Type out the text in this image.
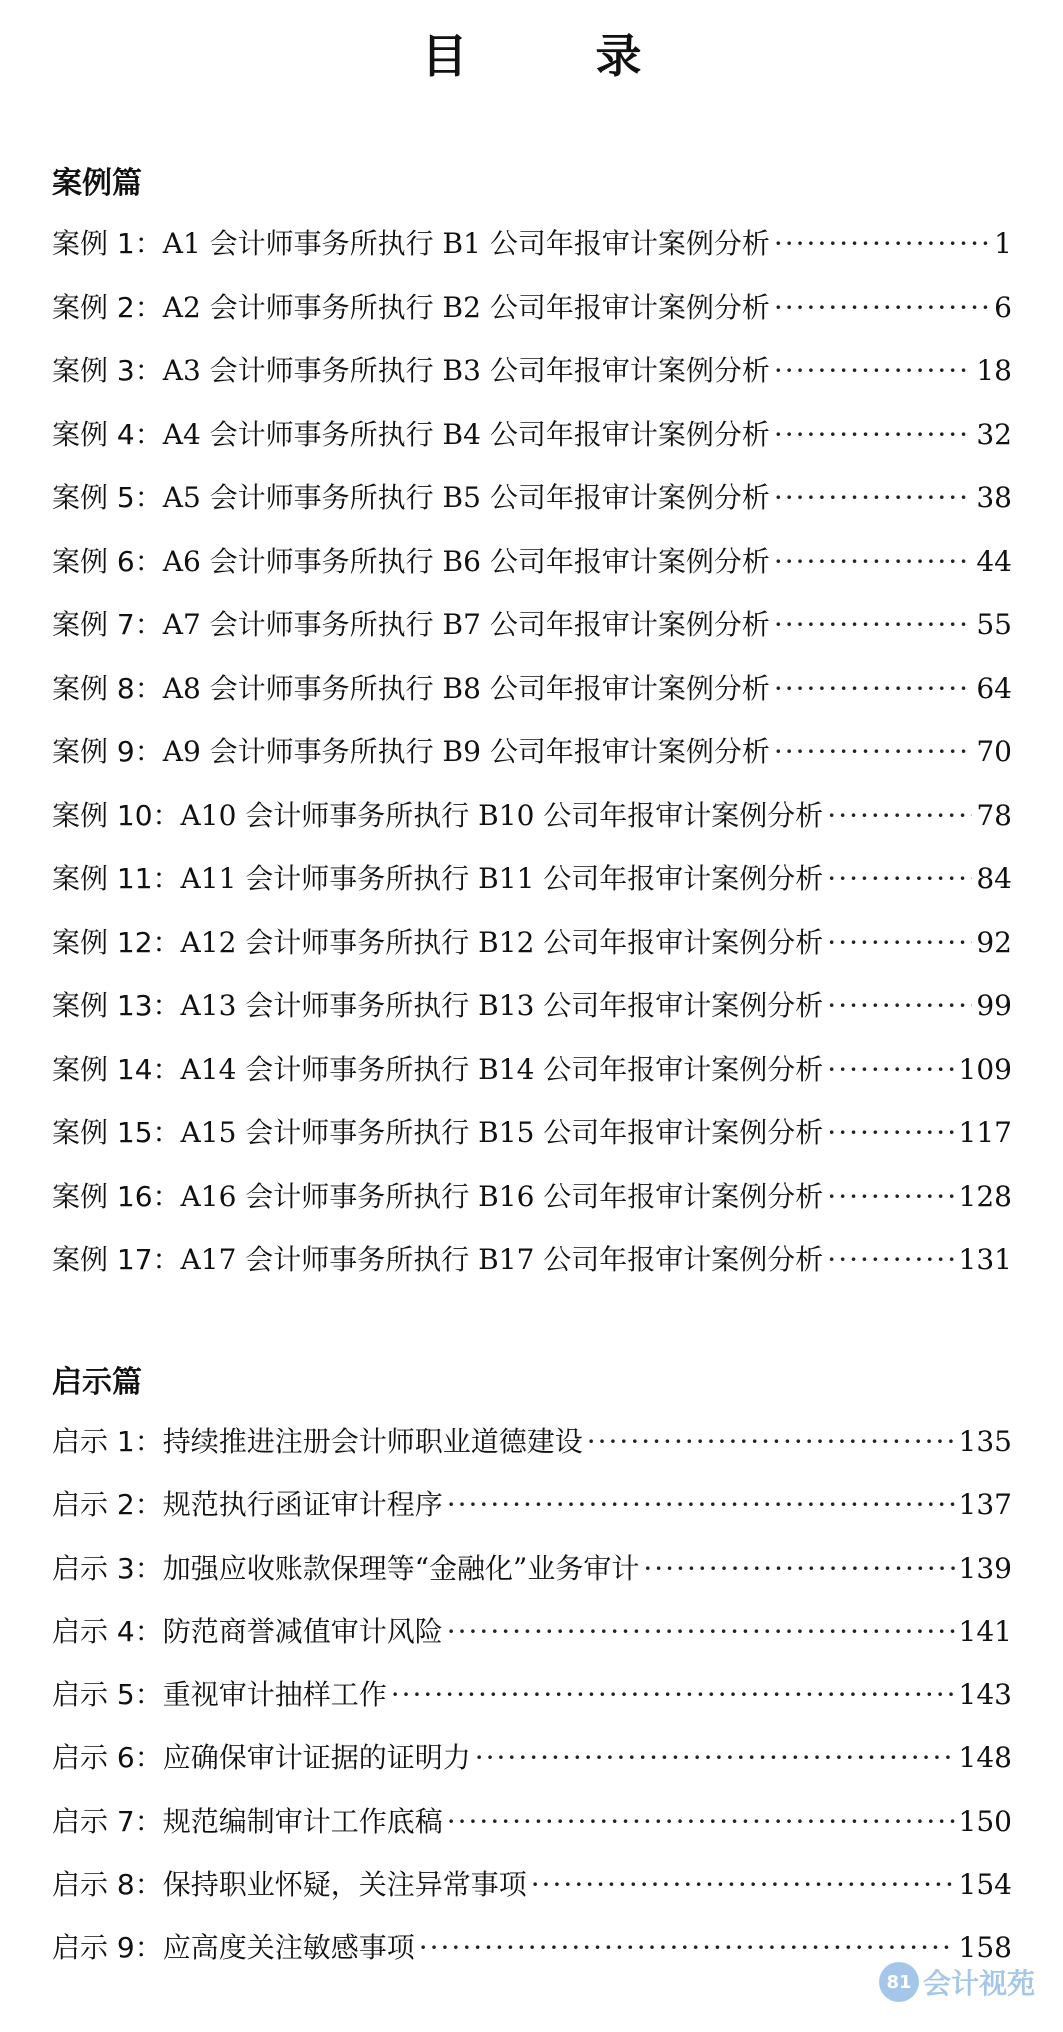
目 录
案例篇
案例 1： A1 会计师事务所执行 B1 公司年报审计案例分析 ·····	1
案例 2： A2 会计师事务所执行 B2 公司年报审计案例分析 ·····	6
案例 3： A3 会计师事务所执行 B3 公司年报审计案例分析 ·····	18
案例 4： A4 会计师事务所执行 B4 公司年报审计案例分析 ·····	32
案例 5： A5 会计师事务所执行 B5 公司年报审计案例分析 ·····	38
案例 6： A6 会计师事务所执行 B6 公司年报审计案例分析 ·····	44
案例 7： A7 会计师事务所执行 B7 公司年报审计案例分析 ·····	55
案例 8： A8 会计师事务所执行 B8 公司年报审计案例分析 ·····	64
案例 9： A9 会计师事务所执行 B9 公司年报审计案例分析 ·····	70
案例 10： A10 会计师事务所执行 B10 公司年报审计案例分析 ·····	78
案例 11： A11 会计师事务所执行 B11 公司年报审计案例分析 ·····	84
案例 12： A12 会计师事务所执行 B12 公司年报审计案例分析 ·····	92
案例 13： A13 会计师事务所执行 B13 公司年报审计案例分析 ·····	99
案例 14： A14 会计师事务所执行 B14 公司年报审计案例分析 ·····	109
案例 15： A15 会计师事务所执行 B15 公司年报审计案例分析 ·····	117
案例 16： A16 会计师事务所执行 B16 公司年报审计案例分析 ·····	128
案例 17： A17 会计师事务所执行 B17 公司年报审计案例分析 ·····	131
启示篇
启示 1： 持续推进注册会计师职业道德建设 ·····	135
启示 2： 规范执行函证审计程序 ·····	137
启示 3： 加强应收账款保理等“金融化”业务审计 ·····	139
启示 4： 防范商誉减值审计风险 ·····	141
启示 5： 重视审计抽样工作 ·····	143
启示 6： 应确保审计证据的证明力 ·····	148
启示 7： 规范编制审计工作底稿 ·····	150
启示 8： 保持职业怀疑，关注异常事项 ·····	154
启示 9： 应高度关注敏感事项 ·····	158
81 会计视苑
